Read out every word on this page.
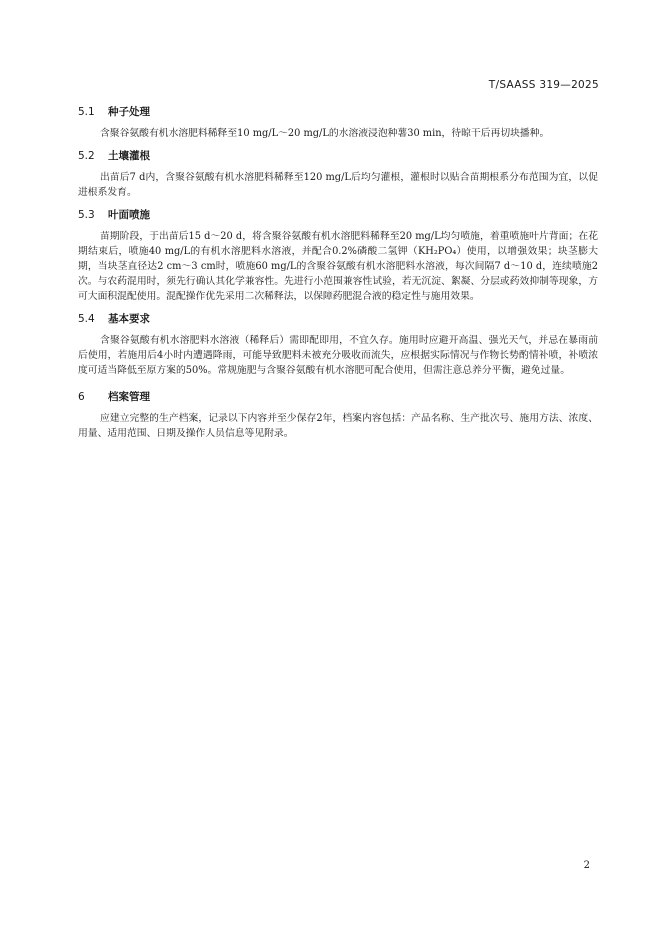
T/SAASS 319—2025
5.1 种子处理

含聚谷氨酸有机水溶肥料稀释至10 mg/L～20 mg/L的水溶液浸泡种薯30 min，待晾干后再切块播种。

5.2 土壤灌根

出苗后7 d内，含聚谷氨酸有机水溶肥料稀释至120 mg/L后均匀灌根，灌根时以贴合苗期根系分布范围为宜，以促进根系发育。

5.3 叶面喷施

苗期阶段，于出苗后15 d～20 d，将含聚谷氨酸有机水溶肥料稀释至20 mg/L均匀喷施，着重喷施叶片背面；在花期结束后，喷施40 mg/L的有机水溶肥料水溶液，并配合0.2%磷酸二氢钾（KH₂PO₄）使用，以增强效果；块茎膨大期，当块茎直径达2 cm～3 cm时，喷施60 mg/L的含聚谷氨酸有机水溶肥料水溶液，每次间隔7 d～10 d，连续喷施2次。与农药混用时，须先行确认其化学兼容性。先进行小范围兼容性试验，若无沉淀、絮凝、分层或药效抑制等现象，方可大面积混配使用。混配操作优先采用二次稀释法，以保障药肥混合液的稳定性与施用效果。

5.4 基本要求

含聚谷氨酸有机水溶肥料水溶液（稀释后）需即配即用，不宜久存。施用时应避开高温、强光天气，并忌在暴雨前后使用，若施用后4小时内遭遇降雨，可能导致肥料未被充分吸收而流失，应根据实际情况与作物长势酌情补喷，补喷浓度可适当降低至原方案的50%。常规施肥与含聚谷氨酸有机水溶肥可配合使用，但需注意总养分平衡，避免过量。

6 档案管理

应建立完整的生产档案，记录以下内容并至少保存2年，档案内容包括：产品名称、生产批次号、施用方法、浓度、用量、适用范围、日期及操作人员信息等见附录。

2
